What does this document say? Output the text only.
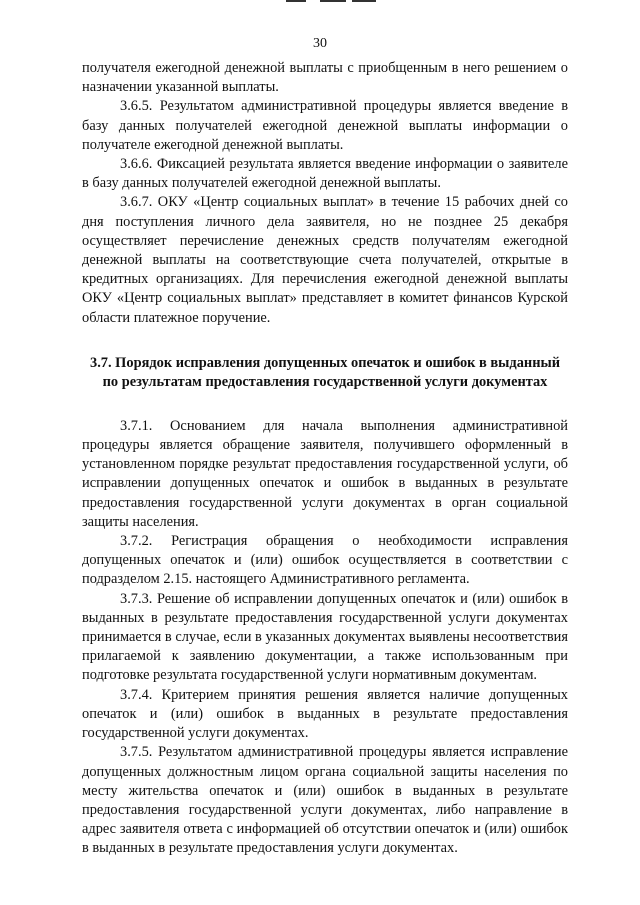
30

получателя ежегодной денежной выплаты с приобщенным в него решением о назначении указанной выплаты.

3.6.5. Результатом административной процедуры является введение в базу данных получателей ежегодной денежной выплаты информации о получателе ежегодной денежной выплаты.

3.6.6. Фиксацией результата является введение информации о заявителе в базу данных получателей ежегодной денежной выплаты.

3.6.7. ОКУ «Центр социальных выплат» в течение 15 рабочих дней со дня поступления личного дела заявителя, но не позднее 25 декабря осуществляет перечисление денежных средств получателям ежегодной денежной выплаты на соответствующие счета получателей, открытые в кредитных организациях. Для перечисления ежегодной денежной выплаты ОКУ «Центр социальных выплат» представляет в комитет финансов Курской области платежное поручение.

3.7. Порядок исправления допущенных опечаток и ошибок в выданный по результатам предоставления государственной услуги документах

3.7.1. Основанием для начала выполнения административной процедуры является обращение заявителя, получившего оформленный в установленном порядке результат предоставления государственной услуги, об исправлении допущенных опечаток и ошибок в выданных в результате предоставления государственной услуги документах в орган социальной защиты населения.

3.7.2. Регистрация обращения о необходимости исправления допущенных опечаток и (или) ошибок осуществляется в соответствии с подразделом 2.15. настоящего Административного регламента.

3.7.3. Решение об исправлении допущенных опечаток и (или) ошибок в выданных в результате предоставления государственной услуги документах принимается в случае, если в указанных документах выявлены несоответствия прилагаемой к заявлению документации, а также использованным при подготовке результата государственной услуги нормативным документам.

3.7.4. Критерием принятия решения является наличие допущенных опечаток и (или) ошибок в выданных в результате предоставления государственной услуги документах.

3.7.5. Результатом административной процедуры является исправление допущенных должностным лицом органа социальной защиты населения по месту жительства опечаток и (или) ошибок в выданных в результате предоставления государственной услуги документах, либо направление в адрес заявителя ответа с информацией об отсутствии опечаток и (или) ошибок в выданных в результате предоставления услуги документах.
